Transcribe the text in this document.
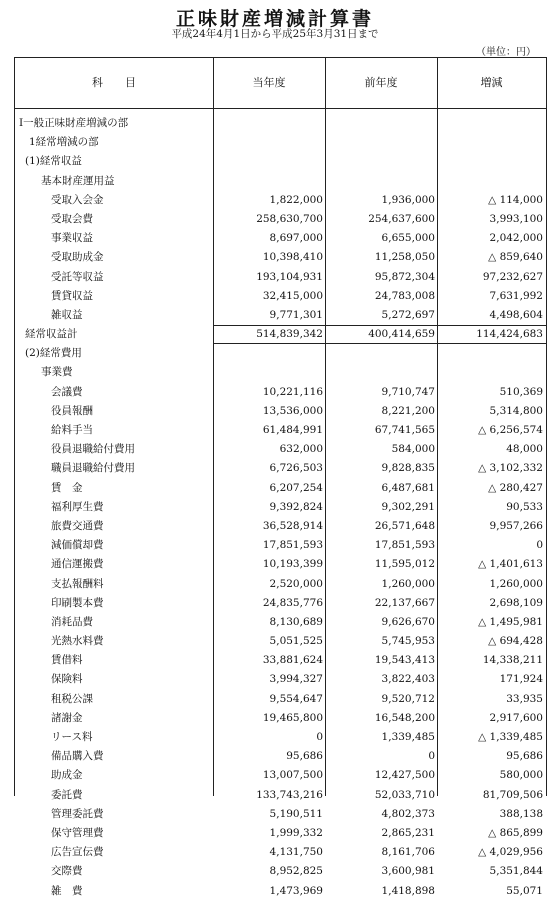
正味財産増減計算書
平成24年4月1日から平成25年3月31日まで
（単位：円）
科　　目	当年度	前年度	増減
Ⅰ一般正味財産増減の部
1経常増減の部
(1)経常収益
基本財産運用益
受取入会金	1,822,000	1,936,000	△ 114,000
受取会費	258,630,700	254,637,600	3,993,100
事業収益	8,697,000	6,655,000	2,042,000
受取助成金	10,398,410	11,258,050	△ 859,640
受託等収益	193,104,931	95,872,304	97,232,627
賃貸収益	32,415,000	24,783,008	7,631,992
雑収益	9,771,301	5,272,697	4,498,604
経常収益計	514,839,342	400,414,659	114,424,683
(2)経常費用
事業費
会議費	10,221,116	9,710,747	510,369
役員報酬	13,536,000	8,221,200	5,314,800
給料手当	61,484,991	67,741,565	△ 6,256,574
役員退職給付費用	632,000	584,000	48,000
職員退職給付費用	6,726,503	9,828,835	△ 3,102,332
賃　金	6,207,254	6,487,681	△ 280,427
福利厚生費	9,392,824	9,302,291	90,533
旅費交通費	36,528,914	26,571,648	9,957,266
減価償却費	17,851,593	17,851,593	0
通信運搬費	10,193,399	11,595,012	△ 1,401,613
支払報酬料	2,520,000	1,260,000	1,260,000
印刷製本費	24,835,776	22,137,667	2,698,109
消耗品費	8,130,689	9,626,670	△ 1,495,981
光熱水料費	5,051,525	5,745,953	△ 694,428
賃借料	33,881,624	19,543,413	14,338,211
保険料	3,994,327	3,822,403	171,924
租税公課	9,554,647	9,520,712	33,935
諸謝金	19,465,800	16,548,200	2,917,600
リース料	0	1,339,485	△ 1,339,485
備品購入費	95,686	0	95,686
助成金	13,007,500	12,427,500	580,000
委託費	133,743,216	52,033,710	81,709,506
管理委託費	5,190,511	4,802,373	388,138
保守管理費	1,999,332	2,865,231	△ 865,899
広告宣伝費	4,131,750	8,161,706	△ 4,029,956
交際費	8,952,825	3,600,981	5,351,844
雑　費	1,473,969	1,418,898	55,071
